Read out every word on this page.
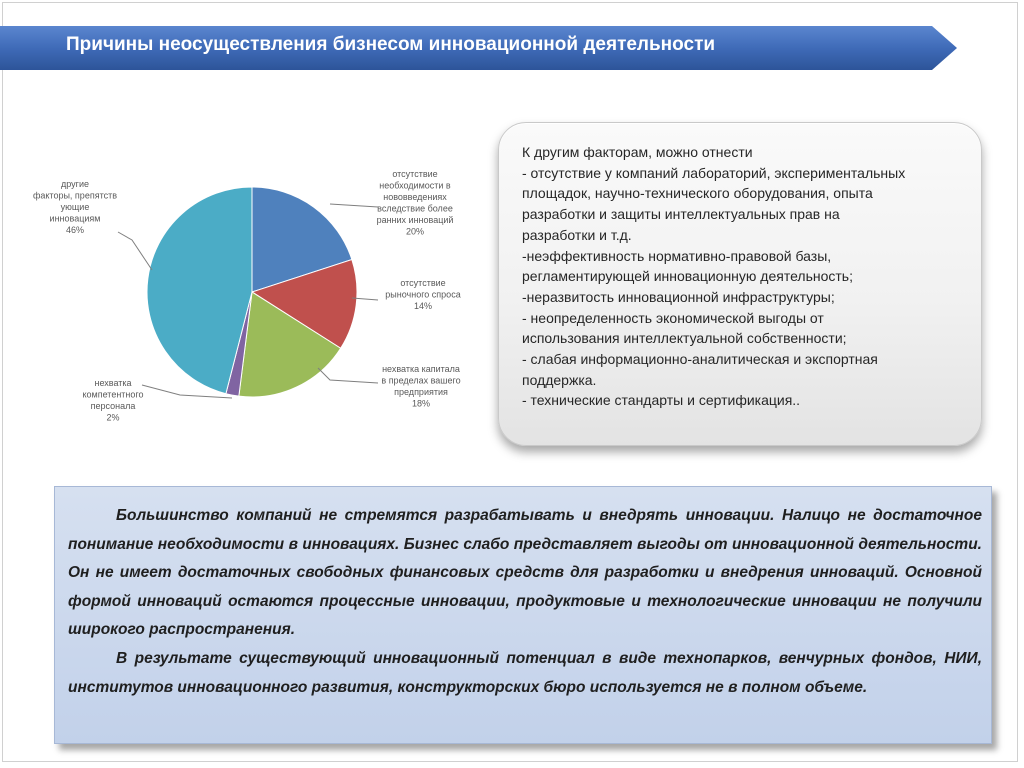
Причины неосуществления бизнесом инновационной деятельности
отсутствие необходимости в нововведениях вследствие более ранних инноваций 20%
отсутствие рыночного спроса 14%
нехватка капитала в пределах вашего предприятия 18%
нехватка компетентного персонала 2%
другие факторы, препятств ующие инновациям 46%
К другим факторам, можно отнести
- отсутствие у компаний лабораторий, экспериментальных
площадок, научно-технического оборудования, опыта
разработки и защиты интеллектуальных прав на
разработки и т.д.
-неэффективность нормативно-правовой базы,
регламентирующей инновационную деятельность;
-неразвитость инновационной инфраструктуры;
- неопределенность экономической выгоды от
использования интеллектуальной собственности;
- слабая информационно-аналитическая и экспортная
поддержка.
- технические стандарты и сертификация..

Большинство компаний не стремятся разрабатывать и внедрять инновации. Налицо не достаточное понимание необходимости в инновациях. Бизнес слабо представляет выгоды от инновационной деятельности. Он не имеет достаточных свободных финансовых средств для разработки и внедрения инноваций. Основной формой инноваций остаются процессные инновации, продуктовые и технологические инновации не получили широкого распространения.

В результате существующий инновационный потенциал в виде технопарков, венчурных фондов, НИИ, институтов инновационного развития, конструкторских бюро используется не в полном объеме.
